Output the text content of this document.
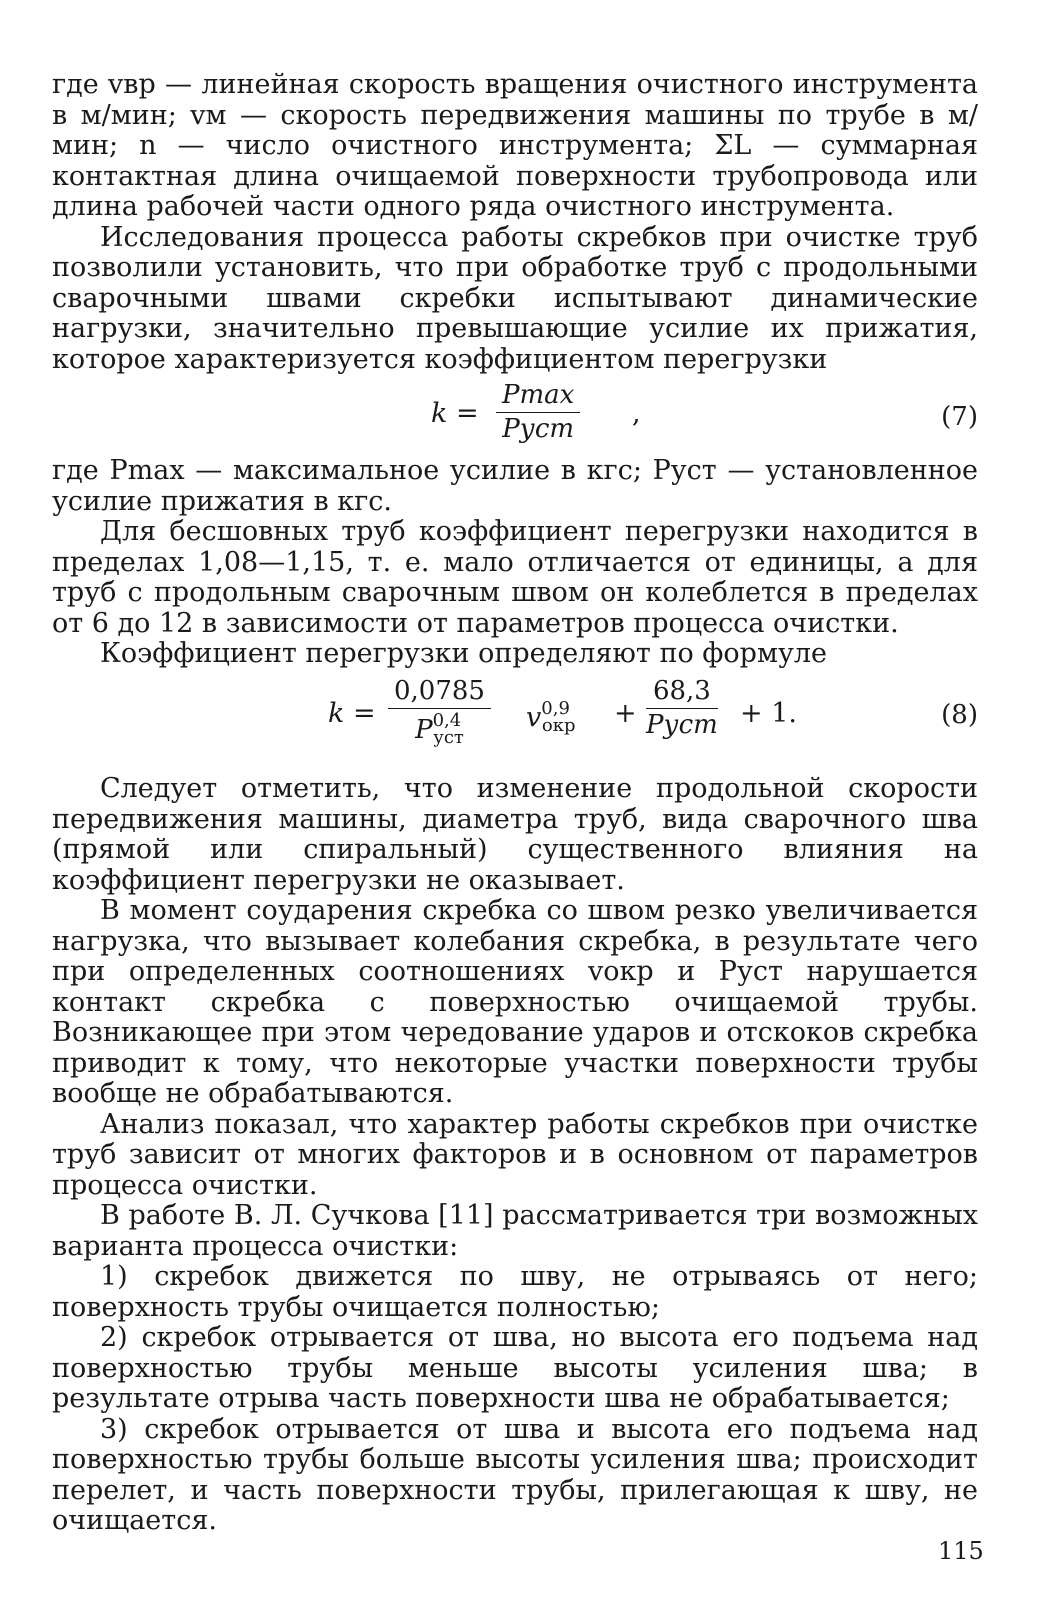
где vвр — линейная скорость вращения очистного инструмента в м/мин; vм — скорость передвижения машины по трубе в м/мин; n — число очистного инструмента; ΣL — суммарная контактная длина очищаемой поверхности трубопровода или длина рабочей части одного ряда очистного инструмента.

Исследования процесса работы скребков при очистке труб позволили установить, что при обработке труб с продольными сварочными швами скребки испытывают динамические нагрузки, значительно превышающие усилие их прижатия, которое характеризуется коэффициентом перегрузки

k =
Pmax
Pуст ,	(7)

где Pmax — максимальное усилие в кгс; Pуст — установленное усилие прижатия в кгс.

Для бесшовных труб коэффициент перегрузки находится в пределах 1,08—1,15, т. е. мало отличается от единицы, а для труб с продольным сварочным швом он колеблется в пределах от 6 до 12 в зависимости от параметров процесса очистки.

Коэффициент перегрузки определяют по формуле

k =
0,0785
P$^{0,4}_{уст}$
$v^{0,9}_{окр}$ +
68,3
Pуст + 1.	(8)

Следует отметить, что изменение продольной скорости передвижения машины, диаметра труб, вида сварочного шва (прямой или спиральный) существенного влияния на коэффициент перегрузки не оказывает.

В момент соударения скребка со швом резко увеличивается нагрузка, что вызывает колебания скребка, в результате чего при определенных соотношениях vокр и Pуст нарушается контакт скребка с поверхностью очищаемой трубы. Возникающее при этом чередование ударов и отскоков скребка приводит к тому, что некоторые участки поверхности трубы вообще не обрабатываются.

Анализ показал, что характер работы скребков при очистке труб зависит от многих факторов и в основном от параметров процесса очистки.

В работе В. Л. Сучкова [11] рассматривается три возможных варианта процесса очистки:

1) скребок движется по шву, не отрываясь от него; поверхность трубы очищается полностью;

2) скребок отрывается от шва, но высота его подъема над поверхностью трубы меньше высоты усиления шва; в результате отрыва часть поверхности шва не обрабатывается;

3) скребок отрывается от шва и высота его подъема над поверхностью трубы больше высоты усиления шва; происходит перелет, и часть поверхности трубы, прилегающая к шву, не очищается.

115
